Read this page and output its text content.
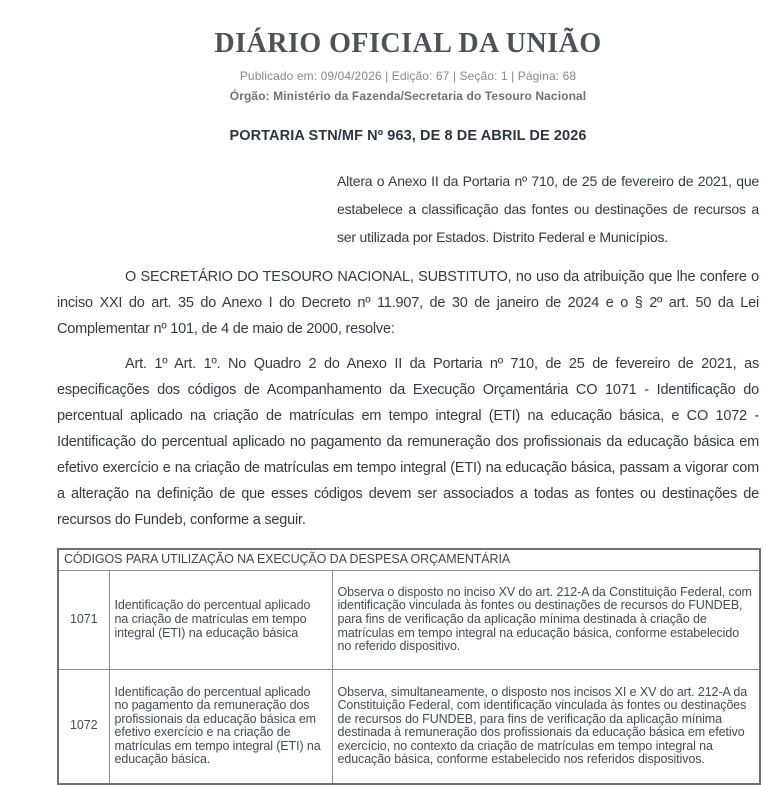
DIÁRIO OFICIAL DA UNIÃO
Publicado em: 09/04/2026 | Edição: 67 | Seção: 1 | Página: 68
Órgão: Ministério da Fazenda/Secretaria do Tesouro Nacional
PORTARIA STN/MF Nº 963, DE 8 DE ABRIL DE 2026

Altera o Anexo II da Portaria nº 710, de 25 de fevereiro de 2021, que estabelece a classificação das fontes ou destinações de recursos a ser utilizada por Estados. Distrito Federal e Municípios.

O SECRETÁRIO DO TESOURO NACIONAL, SUBSTITUTO, no uso da atribuição que lhe confere o inciso XXI do art. 35 do Anexo I do Decreto nº 11.907, de 30 de janeiro de 2024 e o § 2º art. 50 da Lei Complementar nº 101, de 4 de maio de 2000, resolve:

Art. 1º Art. 1º. No Quadro 2 do Anexo II da Portaria nº 710, de 25 de fevereiro de 2021, as especificações dos códigos de Acompanhamento da Execução Orçamentária CO 1071 - Identificação do percentual aplicado na criação de matrículas em tempo integral (ETI) na educação básica, e CO 1072 - Identificação do percentual aplicado no pagamento da remuneração dos profissionais da educação básica em efetivo exercício e na criação de matrículas em tempo integral (ETI) na educação básica, passam a vigorar com a alteração na definição de que esses códigos devem ser associados a todas as fontes ou destinações de recursos do Fundeb, conforme a seguir.

CÓDIGOS PARA UTILIZAÇÃO NA EXECUÇÃO DA DESPESA ORÇAMENTÁRIA		
1071	Identificação do percentual aplicado na criação de matrículas em tempo integral (ETI) na educação básica	Observa o disposto no inciso XV do art. 212-A da Constituição Federal, com identificação vinculada às fontes ou destinações de recursos do FUNDEB, para fins de verificação da aplicação mínima destinada à criação de matrículas em tempo integral na educação básica, conforme estabelecido no referido dispositivo.
1072	Identificação do percentual aplicado no pagamento da remuneração dos profissionais da educação básica em efetivo exercício e na criação de matrículas em tempo integral (ETI) na educação básica.	Observa, simultaneamente, o disposto nos incisos XI e XV do art. 212-A da Constituição Federal, com identificação vinculada às fontes ou destinações de recursos do FUNDEB, para fins de verificação da aplicação mínima destinada à remuneração dos profissionais da educação básica em efetivo exercício, no contexto da criação de matrículas em tempo integral na educação básica, conforme estabelecido nos referidos dispositivos.
